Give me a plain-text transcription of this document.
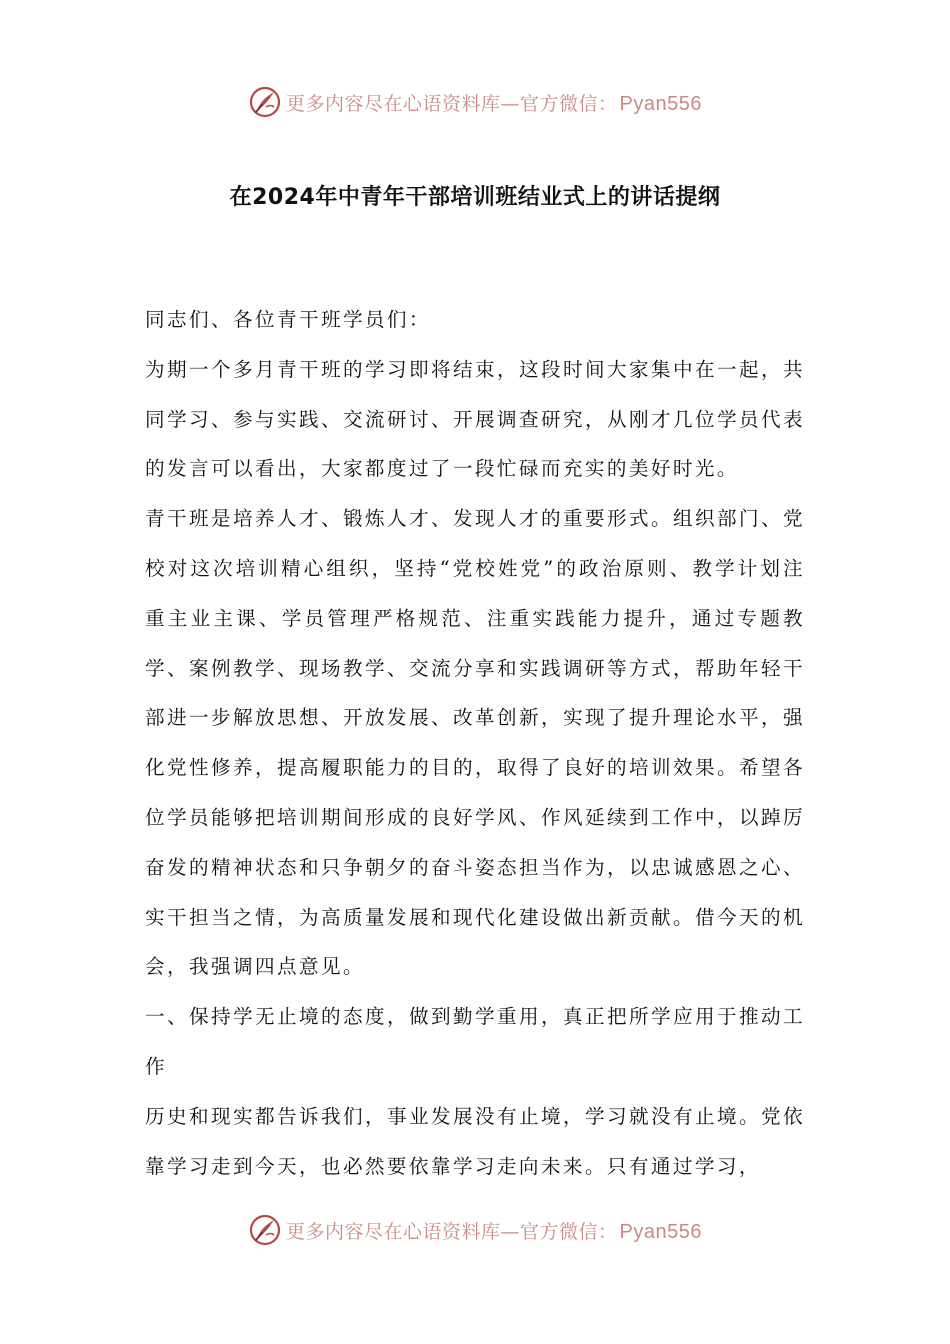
更多内容尽在心语资料库—官方微信： Pyan556
在2024年中青年干部培训班结业式上的讲话提纲

同志们、各位青干班学员们：

为期一个多月青干班的学习即将结束，这段时间大家集中在一起，共同学习、参与实践、交流研讨、开展调查研究，从刚才几位学员代表的发言可以看出，大家都度过了一段忙碌而充实的美好时光。

青干班是培养人才、锻炼人才、发现人才的重要形式。组织部门、党校对这次培训精心组织，坚持“党校姓党”的政治原则、教学计划注重主业主课、学员管理严格规范、注重实践能力提升，通过专题教学、案例教学、现场教学、交流分享和实践调研等方式，帮助年轻干部进一步解放思想、开放发展、改革创新，实现了提升理论水平，强化党性修养，提高履职能力的目的，取得了良好的培训效果。希望各位学员能够把培训期间形成的良好学风、作风延续到工作中，以踔厉奋发的精神状态和只争朝夕的奋斗姿态担当作为，以忠诚感恩之心、实干担当之情，为高质量发展和现代化建设做出新贡献。借今天的机会，我强调四点意见。

一、保持学无止境的态度，做到勤学重用，真正把所学应用于推动工作

历史和现实都告诉我们，事业发展没有止境，学习就没有止境。党依靠学习走到今天，也必然要依靠学习走向未来。只有通过学习，

更多内容尽在心语资料库—官方微信： Pyan556
